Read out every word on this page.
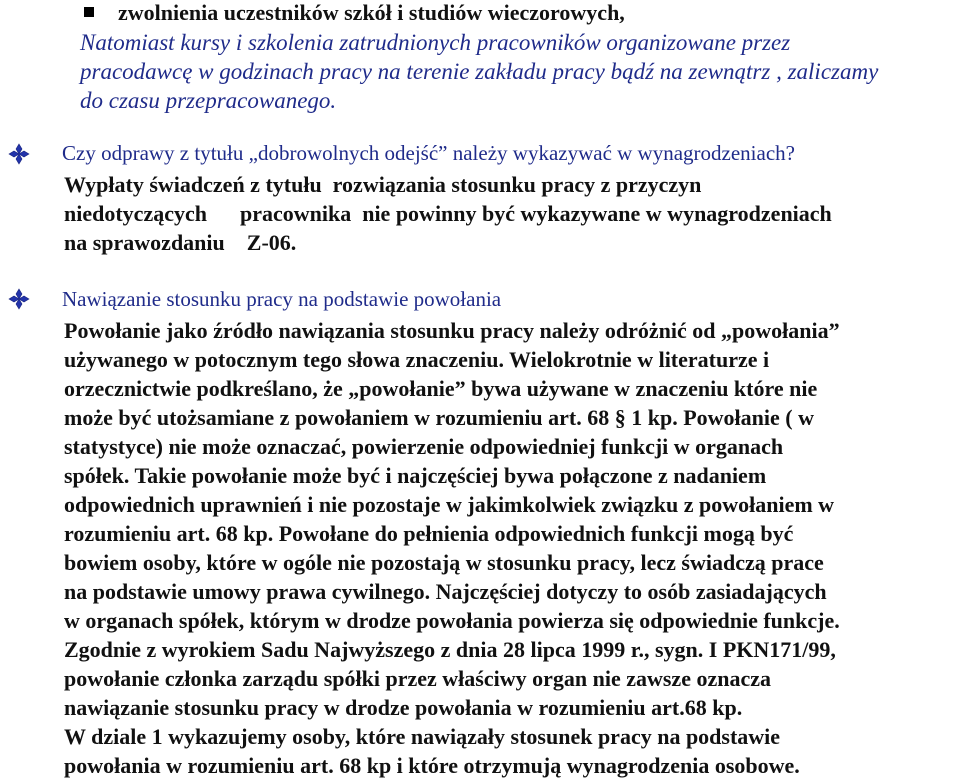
zwolnienia uczestników szkół i studiów wieczorowych,
Natomiast kursy i szkolenia zatrudnionych pracowników organizowane przez
pracodawcę w godzinach pracy na terenie zakładu pracy bądź na zewnątrz , zaliczamy
do czasu przepracowanego.
Czy odprawy z tytułu „dobrowolnych odejść” należy wykazywać w wynagrodzeniach?
Wypłaty świadczeń z tytułu  rozwiązania stosunku pracy z przyczyn
niedotyczących      pracownika  nie powinny być wykazywane w wynagrodzeniach
na sprawozdaniu    Z-06.
Nawiązanie stosunku pracy na podstawie powołania
Powołanie jako źródło nawiązania stosunku pracy należy odróżnić od „powołania”
używanego w potocznym tego słowa znaczeniu. Wielokrotnie w literaturze i
orzecznictwie podkreślano, że „powołanie” bywa używane w znaczeniu które nie
może być utożsamiane z powołaniem w rozumieniu art. 68 § 1 kp. Powołanie ( w
statystyce) nie może oznaczać, powierzenie odpowiedniej funkcji w organach
spółek. Takie powołanie może być i najczęściej bywa połączone z nadaniem
odpowiednich uprawnień i nie pozostaje w jakimkolwiek związku z powołaniem w
rozumieniu art. 68 kp. Powołane do pełnienia odpowiednich funkcji mogą być
bowiem osoby, które w ogóle nie pozostają w stosunku pracy, lecz świadczą prace
na podstawie umowy prawa cywilnego. Najczęściej dotyczy to osób zasiadających
w organach spółek, którym w drodze powołania powierza się odpowiednie funkcje.
Zgodnie z wyrokiem Sadu Najwyższego z dnia 28 lipca 1999 r., sygn. I PKN171/99,
powołanie członka zarządu spółki przez właściwy organ nie zawsze oznacza
nawiązanie stosunku pracy w drodze powołania w rozumieniu art.68 kp.
W dziale 1 wykazujemy osoby, które nawiązały stosunek pracy na podstawie
powołania w rozumieniu art. 68 kp i które otrzymują wynagrodzenia osobowe.
